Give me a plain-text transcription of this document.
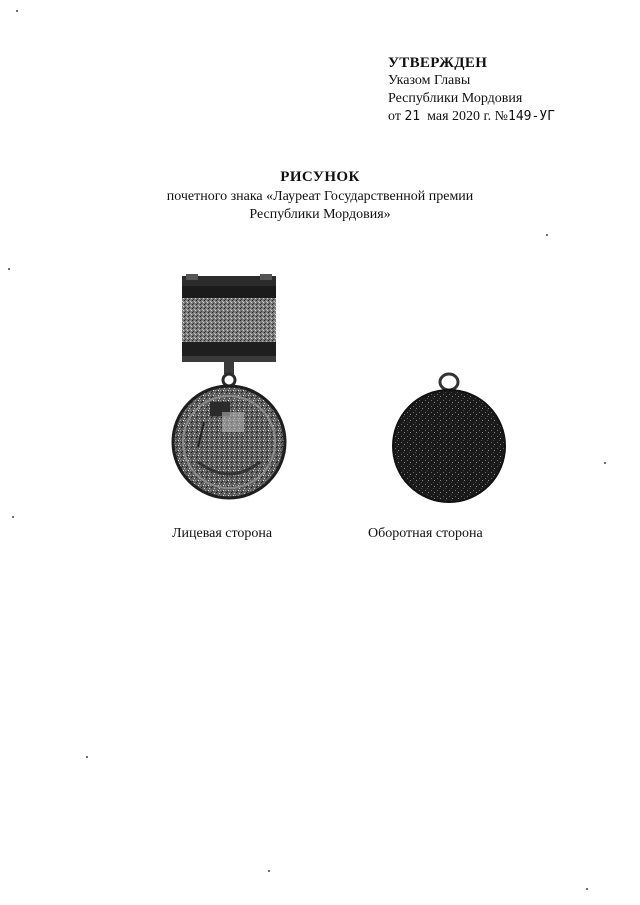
УТВЕРЖДЕН
Указом Главы
Республики Мордовия
от 21 мая 2020 г. №149-УГ
РИСУНОК
почетного знака «Лауреат Государственной премии
Республики Мордовия»
Лицевая сторона	Оборотная сторона
